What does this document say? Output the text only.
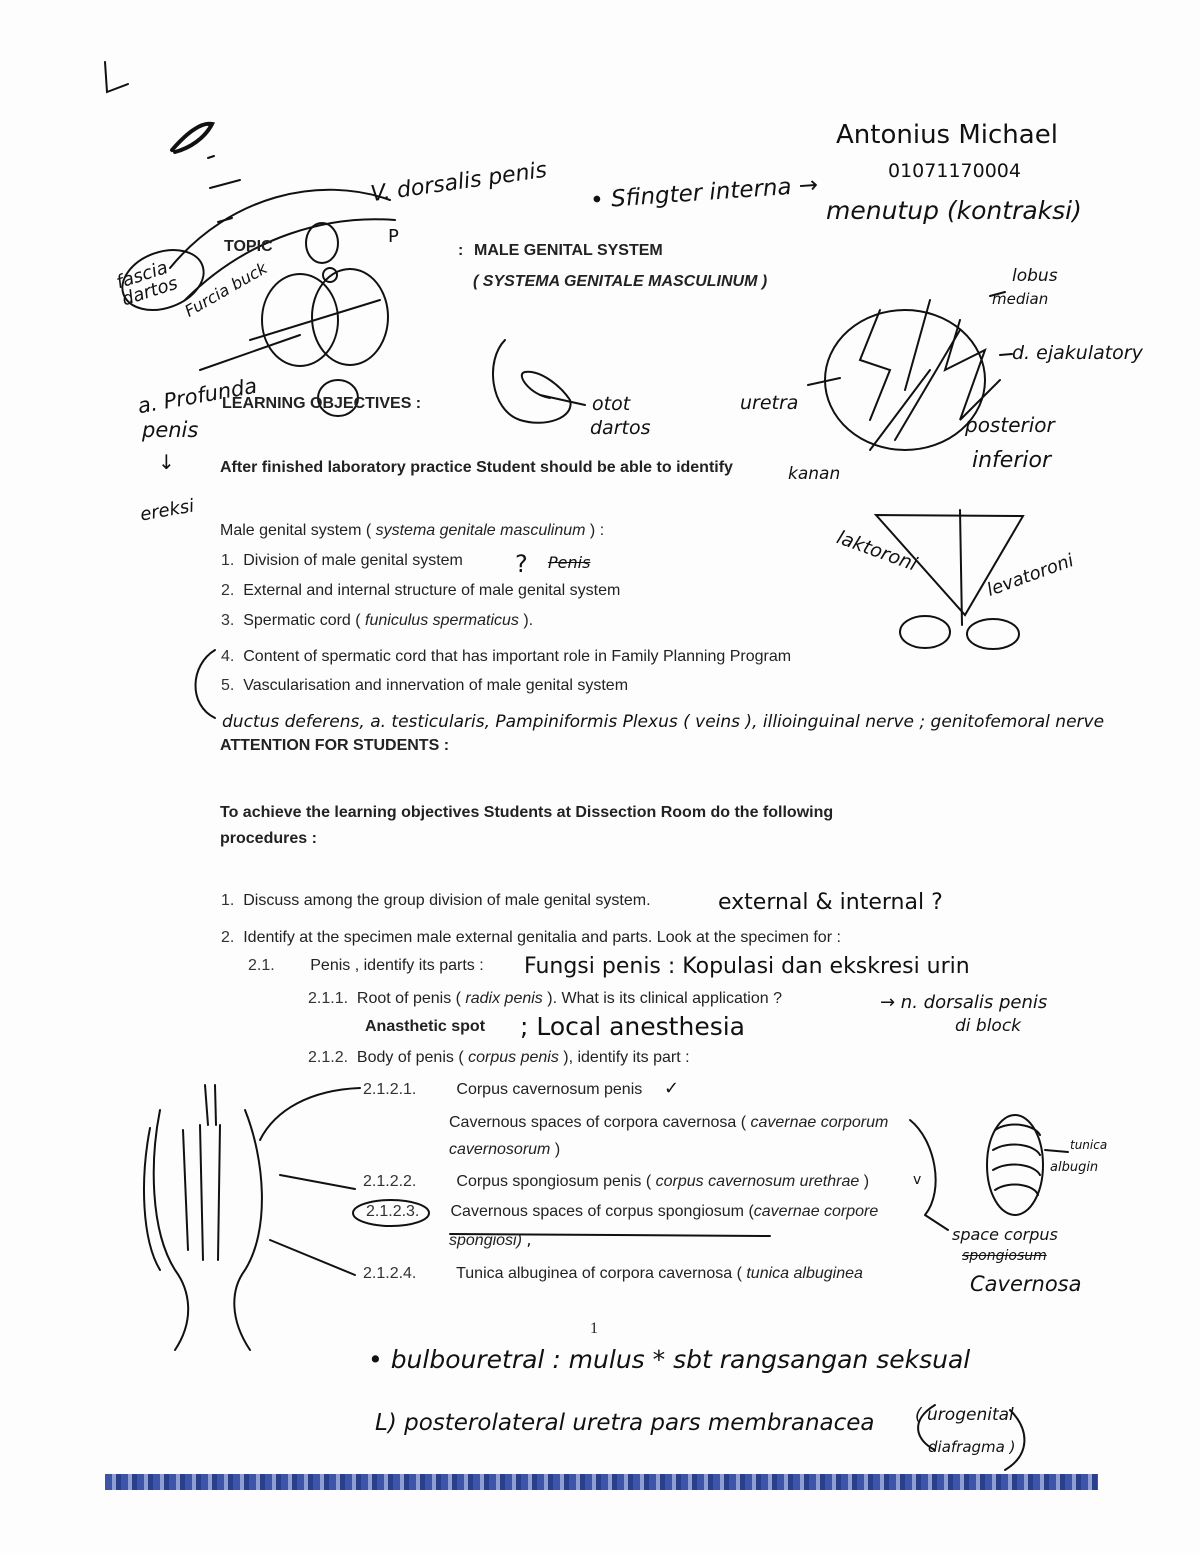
Antonius Michael
01071170004
V. dorsalis penis • Sfingter interna → menutup (kontraksi)
fascia dartos Furcia buck
P
a. Profunda
penis
↓
ereksi
otot
dartos
uretra
lobus
median
d. ejakulatory
posterior
inferior
TOPIC	: MALE GENITAL SYSTEM
( SYSTEMA GENITALE MASCULINUM )
LEARNING OBJECTIVES :
After finished laboratory practice Student should be able to identify	kanan
Male genital system ( systema genitale masculinum ) :
1. Division of male genital system ? Penis
2. External and internal structure of male genital system
3. Spermatic cord ( funiculus spermaticus ).
4. Content of spermatic cord that has important role in Family Planning Program
5. Vascularisation and innervation of male genital system
laktoroni	levatoroni
ductus deferens, a. testicularis, Pampiniformis Plexus ( veins ), illioinguinal nerve ; genitofemoral nerve
ATTENTION FOR STUDENTS :
To achieve the learning objectives Students at Dissection Room do the following
procedures :
1. Discuss among the group division of male genital system.	external & internal ?
2. Identify at the specimen male external genitalia and parts. Look at the specimen for :
2.1. Penis , identify its parts : Fungsi penis : Kopulasi dan ekskresi urin
2.1.1. Root of penis ( radix penis ). What is its clinical application ?	→ n. dorsalis penis
di block
Anasthetic spot ; Local anesthesia
2.1.2. Body of penis ( corpus penis ), identify its part :
2.1.2.1.	Corpus cavernosum penis ✓
Cavernous spaces of corpora cavernosa ( cavernae corporum
cavernosorum )
2.1.2.2.	Corpus spongiosum penis ( corpus cavernosum urethrae )	v
2.1.2.3. Cavernous spaces of corpus spongiosum (cavernae corpore
spongiosi) ,
2.1.2.4. Tunica albuginea of corpora cavernosa ( tunica albuginea
tunica
albugin
space corpus
spongiosum
Cavernosa
1
• bulbouretral : mulus * sbt rangsangan seksual
L) posterolateral uretra pars membranacea ( urogenital
diafragma )
